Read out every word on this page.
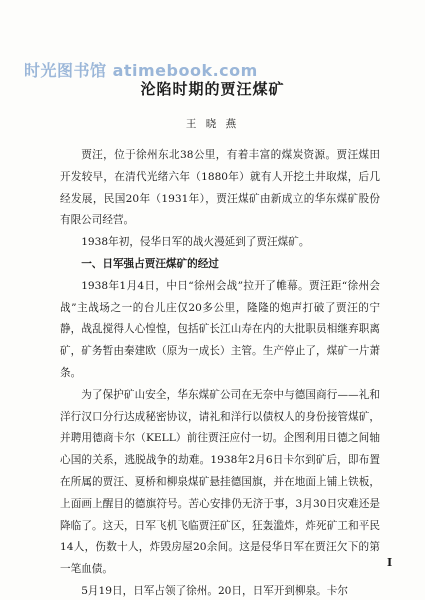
时光图书馆 atimebook.com
沦陷时期的贾汪煤矿
王 晓 燕

贾汪，位于徐州东北38公里，有着丰富的煤炭资源。贾汪煤田开发较早，在清代光绪六年（1880年）就有人开挖土井取煤，后几经发展，民国20年（1931年），贾汪煤矿由新成立的华东煤矿股份有限公司经营。

1938年初，侵华日军的战火漫延到了贾汪煤矿。

一、日军强占贾汪煤矿的经过

1938年1月4日，中日“徐州会战”拉开了帷幕。贾汪距“徐州会战”主战场之一的台儿庄仅20多公里，隆隆的炮声打破了贾汪的宁静，战乱搅得人心惶惶，包括矿长江山寿在内的大批职员相继弃职离矿，矿务暂由秦建欧（原为一成长）主管。生产停止了，煤矿一片萧条。

为了保护矿山安全，华东煤矿公司在无奈中与德国商行——礼和洋行汉口分行达成秘密协议，请礼和洋行以债权人的身份接管煤矿，并聘用德商卡尔（KELL）前往贾汪应付一切。企图利用日德之间轴心国的关系，逃脱战争的劫难。1938年2月6日卡尔到矿后，即布置在所属的贾汪、夏桥和柳泉煤矿悬挂德国旗，并在地面上铺上铁板，上面画上醒目的德旗符号。苦心安排仍无济于事，3月30日灾难还是降临了。这天，日军飞机飞临贾汪矿区，狂轰滥炸，炸死矿工和平民14人，伤数十人，炸毁房屋20余间。这是侵华日军在贾汪欠下的第一笔血债。

5月19日，日军占领了徐州。20日，日军开到柳泉。卡尔

I
